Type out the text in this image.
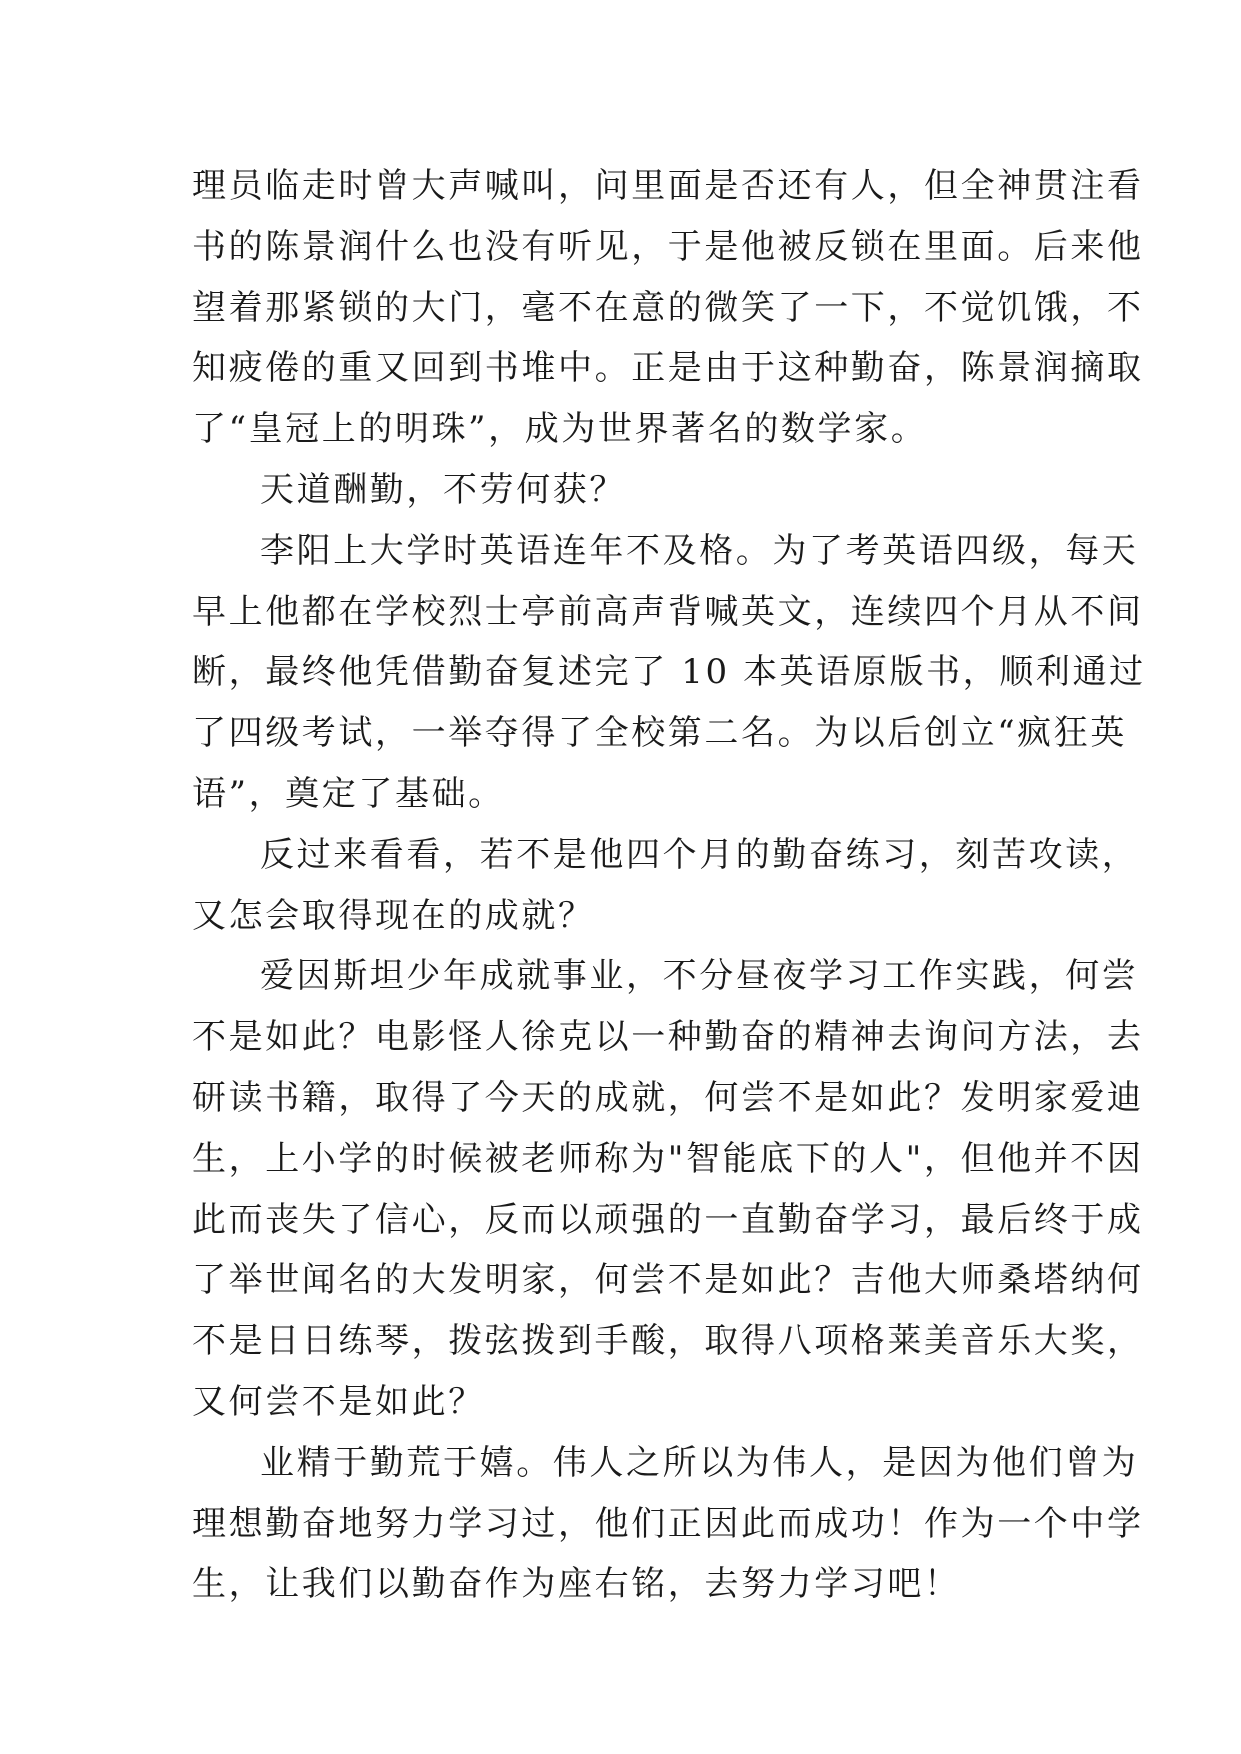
理员临走时曾大声喊叫，问里面是否还有人，但全神贯注看
书的陈景润什么也没有听见，于是他被反锁在里面。后来他
望着那紧锁的大门，毫不在意的微笑了一下，不觉饥饿，不
知疲倦的重又回到书堆中。正是由于这种勤奋，陈景润摘取
了“皇冠上的明珠”，成为世界著名的数学家。
天道酬勤，不劳何获？
李阳上大学时英语连年不及格。为了考英语四级，每天
早上他都在学校烈士亭前高声背喊英文，连续四个月从不间
断，最终他凭借勤奋复述完了 10 本英语原版书，顺利通过
了四级考试，一举夺得了全校第二名。为以后创立“疯狂英
语”，奠定了基础。
反过来看看，若不是他四个月的勤奋练习，刻苦攻读，
又怎会取得现在的成就？
爱因斯坦少年成就事业，不分昼夜学习工作实践，何尝
不是如此？电影怪人徐克以一种勤奋的精神去询问方法，去
研读书籍，取得了今天的成就，何尝不是如此？发明家爱迪
生，上小学的时候被老师称为"智能底下的人"，但他并不因
此而丧失了信心，反而以顽强的一直勤奋学习，最后终于成
了举世闻名的大发明家，何尝不是如此？吉他大师桑塔纳何
不是日日练琴，拨弦拨到手酸，取得八项格莱美音乐大奖，
又何尝不是如此？
业精于勤荒于嬉。伟人之所以为伟人，是因为他们曾为
理想勤奋地努力学习过，他们正因此而成功！作为一个中学
生，让我们以勤奋作为座右铭，去努力学习吧！
